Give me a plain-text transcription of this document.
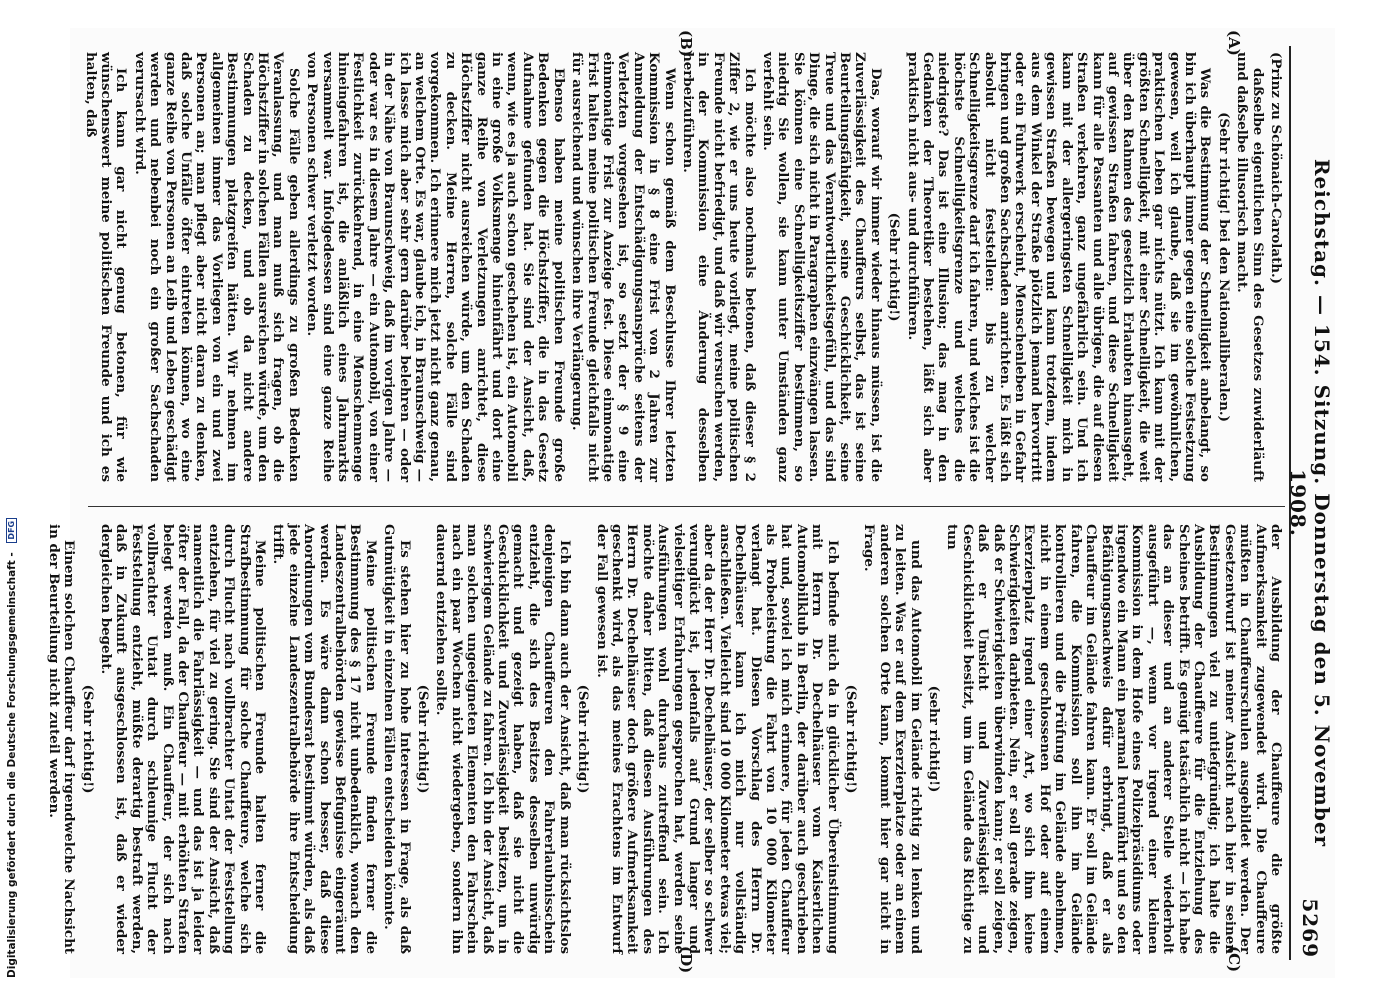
Digitalisierung gefördert durch die Deutsche Forschungsgemeinschaft - DFG	Reichstag. — 154. Sitzung. Donnerstag den 5. November 1908.
5269
(A)
(B)
(C)
(D)

(Prinz zu Schönaich-Carolath.)

daßselbe eigentlichen Sinn des Gesetzes zuwiderläuft und daßselbe illusorisch macht.

(Sehr richtig! bei den Nationalliberalen.)

Was die Bestimmung der Schnelligkeit anbelangt, so bin ich überhaupt immer gegen eine solche Festsetzung gewesen, weil ich glaube, daß sie im gewöhnlichen, praktischen Leben gar nichts nützt. Ich kann mit der größten Schnelligkeit, mit einer Schnelligkeit, die weit über den Rahmen des gesetzlich Erlaubten hinausgeht, auf gewissen Straßen fahren, und diese Schnelligkeit kann für alle Passanten und alle übrigen, die auf diesen Straßen verkehren, ganz ungefährlich sein. Und ich kann mit der allergeringsten Schnelligkeit mich in gewissen Straßen bewegen und kann trotzdem, indem aus dem Winkel der Straße plötzlich jemand hervortritt oder ein Fuhrwerk erscheint, Menschenleben in Gefahr bringen und großen Sachschaden anrichten. Es läßt sich absolut nicht feststellen: bis zu welcher Schnelligkeitsgrenze darf ich fahren, und welches ist die höchste Schnelligkeitsgrenze und welches die niedrigste? Das ist eine Illusion; das mag in den Gedanken der Theoretiker bestehen, läßt sich aber praktisch nicht aus- und durchführen.

(Sehr richtig!)

Das, worauf wir immer wieder hinaus müssen, ist die Zuverlässigkeit des Chauffeurs selbst, das ist seine Beurteilungsfähigkeit, seine Geschicklichkeit, seine Treue und das Verantwortlichkeitsgefühl, und das sind Dinge, die sich nicht in Paragraphen einzwängen lassen. Sie können eine Schnelligkeitsziffer bestimmen, so niedrig Sie wollen, sie kann unter Umständen ganz verfehlt sein.

Ich möchte also nochmals betonen, daß dieser § 2 Ziffer 2, wie er uns heute vorliegt, meine politischen Freunde nicht befriedigt, und daß wir versuchen werden, in der Kommission eine Änderung desselben herbeizuführen.

Wenn schon gemäß dem Beschlusse Ihrer letzten Kommission in § 8 eine Frist von 2 Jahren zur Anmeldung der Entschädigungsansprüche seitens der Verletzten vorgesehen ist, so setzt der § 9 eine einmonatige Frist zur Anzeige fest. Diese einmonatige Frist halten meine politischen Freunde gleichfalls nicht für ausreichend und wünschen ihre Verlängerung.

Ebenso haben meine politischen Freunde große Bedenken gegen die Höchstziffer, die in das Gesetz Aufnahme gefunden hat. Sie sind der Ansicht, daß, wenn, wie es ja auch schon geschehen ist, ein Automobil in eine große Volksmenge hineinfährt und dort eine ganze Reihe von Verletzungen anrichtet, diese Höchstziffer nicht ausreichen würde, um den Schaden zu decken. Meine Herren, solche Fälle sind vorgekommen. Ich erinnere mich jetzt nicht ganz genau, an welchem Orte. Es war, glaube ich, in Braunschweig — ich lasse mich aber sehr gern darüber belehren — oder in der Nähe von Braunschweig, daß im vorigen Jahre — oder war es in diesem Jahre — ein Automobil, von einer Festlichkeit zurückkehrend, in eine Menschenmenge hineingefahren ist, die anläßlich eines Jahrmarkts versammelt war. Infolgedessen sind eine ganze Reihe von Personen schwer verletzt worden.

Solche Fälle geben allerdings zu großen Bedenken Veranlassung, und man muß sich fragen, ob die Höchstziffer in solchen Fällen ausreichen würde, um den Schaden zu decken, und ob da nicht andere Bestimmungen platzgreifen hätten. Wir nehmen im allgemeinen immer das Vorliegen von ein und zwei Personen an; man pflegt aber nicht daran zu denken, daß solche Unfälle öfter eintreten können, wo eine ganze Reihe von Personen an Leib und Leben geschädigt werden und nebenbei noch ein großer Sachschaden verursacht wird.

Ich kann gar nicht genug betonen, für wie wünschenswert meine politischen Freunde und ich es halten, daß

der Ausbildung der Chauffeure die größte Aufmerksamkeit zugewendet wird. Die Chauffeure müßten in Chauffeurschulen ausgebildet werden. Der Gesetzentwurf ist meiner Ansicht nach hier in seinen Bestimmungen viel zu untiefgründig; ich halte die Ausbildung der Chauffeure für die Entziehung des Scheines betrifft. Es genügt tatsächlich nicht — ich habe das an dieser und an anderer Stelle wiederholt ausgeführt —, wenn vor irgend einer kleinen Kommission in dem Hofe eines Polizeipräsidiums oder irgendwo ein Mann ein paarmal herumfährt und so den Befähigungsnachweis dafür erbringt, daß er als Chauffeur im Gelände fahren kann. Er soll im Gelände fahren, die Kommission soll ihn im Gelände kontrollieren und die Prüfung im Gelände abnehmen, nicht in einem geschlossenen Hof oder auf einem Exerzierplatz irgend einer Art, wo sich ihm keine Schwierigkeiten darbieten. Nein, er soll gerade zeigen, daß er Schwierigkeiten überwinden kann; er soll zeigen, daß er Umsicht und Zuverlässigkeit und Geschicklichkeit besitzt, um im Gelände das Richtige zu tun

(sehr richtig!)

und das Automobil im Gelände richtig zu lenken und zu leiten. Was er auf dem Exerzierplatze oder an einem anderen solchen Orte kann, kommt hier gar nicht in Frage.

(Sehr richtig!)

Ich befinde mich da in glücklicher Übereinstimmung mit Herrn Dr. Dechelhäuser vom Kaiserlichen Automobilklub in Berlin, der darüber auch geschrieben hat und, soviel ich mich erinnere, für jeden Chauffeur als Probeleistung die Fahrt von 10 000 Kilometer verlangt hat. Diesen Vorschlag des Herrn Dr. Dechelhäuser kann ich mich nur vollständig anschließen. Vielleicht sind 10 000 Kilometer etwas viel; aber da der Herr Dr. Dechelhäuser, der selber so schwer verunglückt ist, jedenfalls auf Grund langer und vielseitiger Erfahrungen gesprochen hat, werden seine Ausführungen wohl durchaus zutreffend sein. Ich möchte daher bitten, daß diesen Ausführungen des Herrn Dr. Dechelhäuser doch größere Aufmerksamkeit geschenkt wird, als das meines Erachtens im Entwurf der Fall gewesen ist.

(Sehr richtig!)

Ich bin dann auch der Ansicht, daß man rücksichtslos denjenigen Chauffeuren den Fahrerlaubnisschein entzieht, die sich des Besitzes desselben unwürdig gemacht und gezeigt haben, daß sie nicht die Geschicklichkeit und Zuverlässigkeit besitzen, um in schwierigem Gelände zu fahren. Ich bin der Ansicht, daß man solchen ungeeigneten Elementen den Fahrschein nach ein paar Wochen nicht wiedergeben, sondern ihn dauernd entziehen sollte.

(Sehr richtig!)

Es stehen hier zu hohe Interessen in Frage, als daß Gutmütigkeit in einzelnen Fällen entscheiden könnte.

Meine politischen Freunde finden ferner die Bestimmung des § 17 nicht unbedenklich, wonach den Landeszentralbehörden gewisse Befugnisse eingeräumt werden. Es wäre dann schon besser, daß diese Anordnungen vom Bundesrat bestimmt würden, als daß jede einzelne Landeszentralbehörde ihre Entscheidung trifft.

Meine politischen Freunde halten ferner die Strafbestimmung für solche Chauffeure, welche sich durch Flucht nach vollbrachter Untat der Feststellung entziehen, für viel zu gering. Sie sind der Ansicht, daß namentlich die Fahrlässigkeit — und das ist ja leider öfter der Fall, da der Chauffeur — mit erhöhten Strafen belegt werden muß. Ein Chauffeur, der sich nach vollbrachter Untat durch schleunige Flucht der Feststellung entzieht, müßte derartig bestraft werden, daß in Zukunft ausgeschlossen ist, daß er wieder dergleichen begeht.

(Sehr richtig!)

Einem solchen Chauffeur darf irgendwelche Nachsicht in der Beurteilung nicht zuteil werden.
